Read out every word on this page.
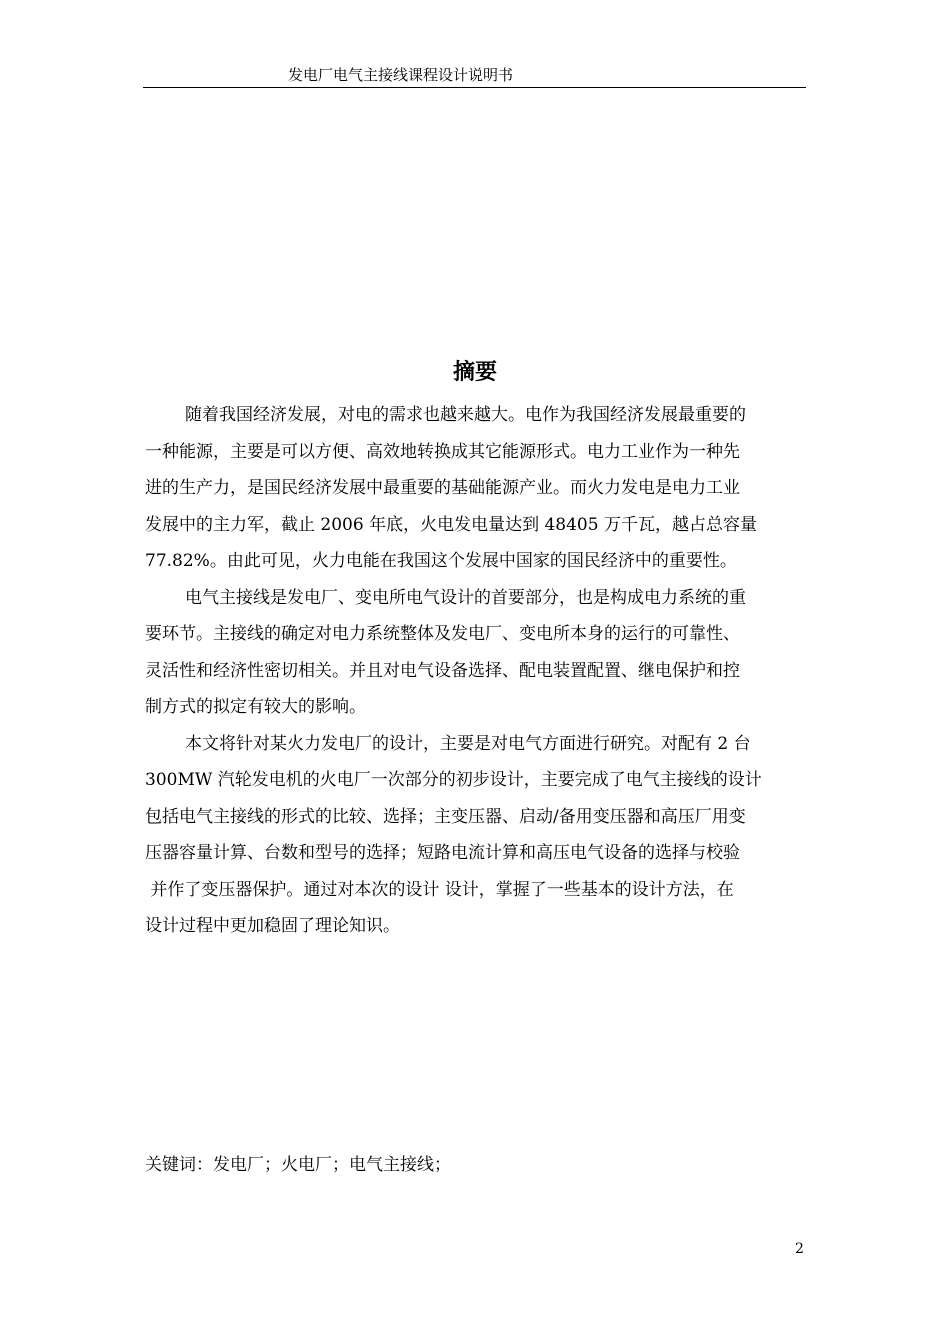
发电厂电气主接线课程设计说明书
摘要

随着我国经济发展，对电的需求也越来越大。电作为我国经济发展最重要的
一种能源，主要是可以方便、高效地转换成其它能源形式。电力工业作为一种先
进的生产力，是国民经济发展中最重要的基础能源产业。而火力发电是电力工业
发展中的主力军，截止 2006 年底，火电发电量达到 48405 万千瓦，越占总容量
77.82%。由此可见，火力电能在我国这个发展中国家的国民经济中的重要性。

电气主接线是发电厂、变电所电气设计的首要部分，也是构成电力系统的重
要环节。主接线的确定对电力系统整体及发电厂、变电所本身的运行的可靠性、
灵活性和经济性密切相关。并且对电气设备选择、配电装置配置、继电保护和控
制方式的拟定有较大的影响。

本文将针对某火力发电厂的设计，主要是对电气方面进行研究。对配有 2 台
300MW 汽轮发电机的火电厂一次部分的初步设计，主要完成了电气主接线的设计
包括电气主接线的形式的比较、选择；主变压器、启动/备用变压器和高压厂用变
压器容量计算、台数和型号的选择；短路电流计算和高压电气设备的选择与校验
并作了变压器保护。通过对本次的设计 设计，掌握了一些基本的设计方法，在
设计过程中更加稳固了理论知识。

关键词：发电厂；火电厂；电气主接线；
2
